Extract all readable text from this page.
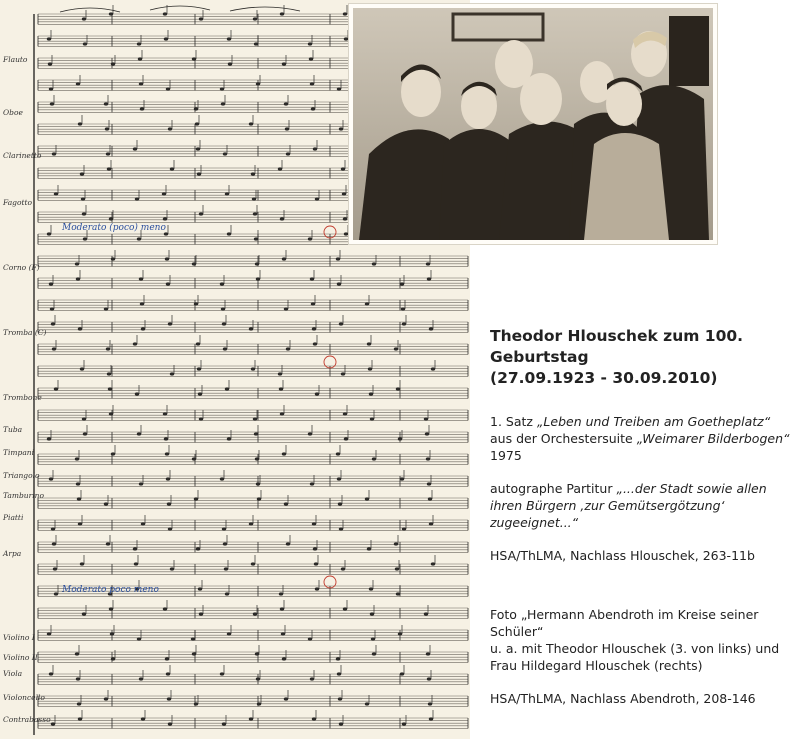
Flauto
Oboe
Clarinetto
Fagotto
Corno (F)
Tromba (C)
Trombone
Tuba
Timpani
Triangolo
Tamburino
Piatti
Arpa
Violino I
Violino II
Viola
Violoncello
Contrabasso
Moderato (poco) meno
Moderato poco meno

Theodor Hlouschek zum 100. Geburtstag

(27.09.1923 - 30.09.2010)

1. Satz „Leben und Treiben am Goetheplatz“

aus der Orchestersuite „Weimarer Bilderbogen“ 1975

autographe Partitur „...der Stadt sowie allen

ihren Bürgern ‚zur Gemütsergötzung‘ zugeeignet...“

HSA/ThLMA, Nachlass Hlouschek, 263-11b

Foto „Hermann Abendroth im Kreise seiner Schüler“

u. a. mit Theodor Hlouschek (3. von links) und

Frau Hildegard Hlouschek (rechts)

HSA/ThLMA, Nachlass Abendroth, 208-146
